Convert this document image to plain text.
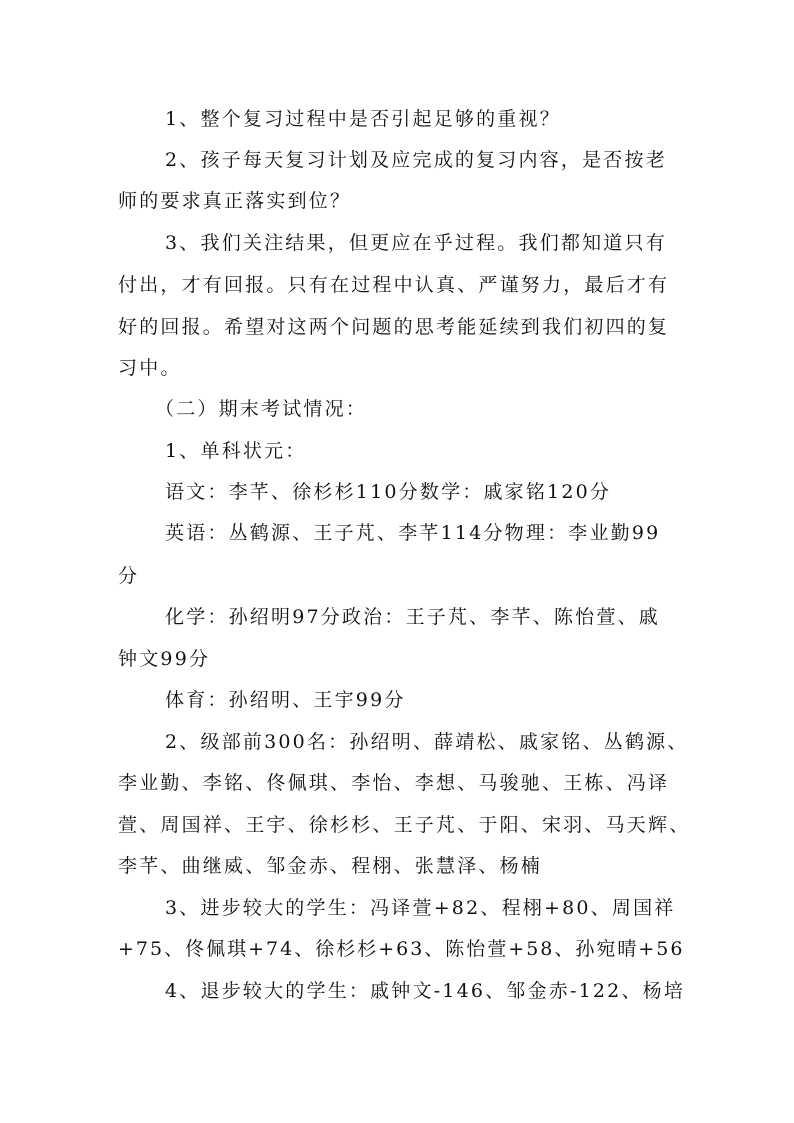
1、整个复习过程中是否引起足够的重视？
2、孩子每天复习计划及应完成的复习内容，是否按老
师的要求真正落实到位？
3、我们关注结果，但更应在乎过程。我们都知道只有
付出，才有回报。只有在过程中认真、严谨努力，最后才有
好的回报。希望对这两个问题的思考能延续到我们初四的复
习中。
（二）期末考试情况：
1、单科状元：
语文：李芊、徐杉杉110分数学：戚家铭120分
英语：丛鹤源、王子芃、李芊114分物理：李业勤99
分
化学：孙绍明97分政治：王子芃、李芊、陈怡萱、戚
钟文99分
体育：孙绍明、王宇99分
2、级部前300名：孙绍明、薛靖松、戚家铭、丛鹤源、
李业勤、李铭、佟佩琪、李怡、李想、马骏驰、王栋、冯译
萱、周国祥、王宇、徐杉杉、王子芃、于阳、宋羽、马天辉、
李芊、曲继威、邹金赤、程栩、张慧泽、杨楠
3、进步较大的学生：冯译萱+82、程栩+80、周国祥
+75、佟佩琪+74、徐杉杉+63、陈怡萱+58、孙宛晴+56
4、退步较大的学生：戚钟文-146、邹金赤-122、杨培
